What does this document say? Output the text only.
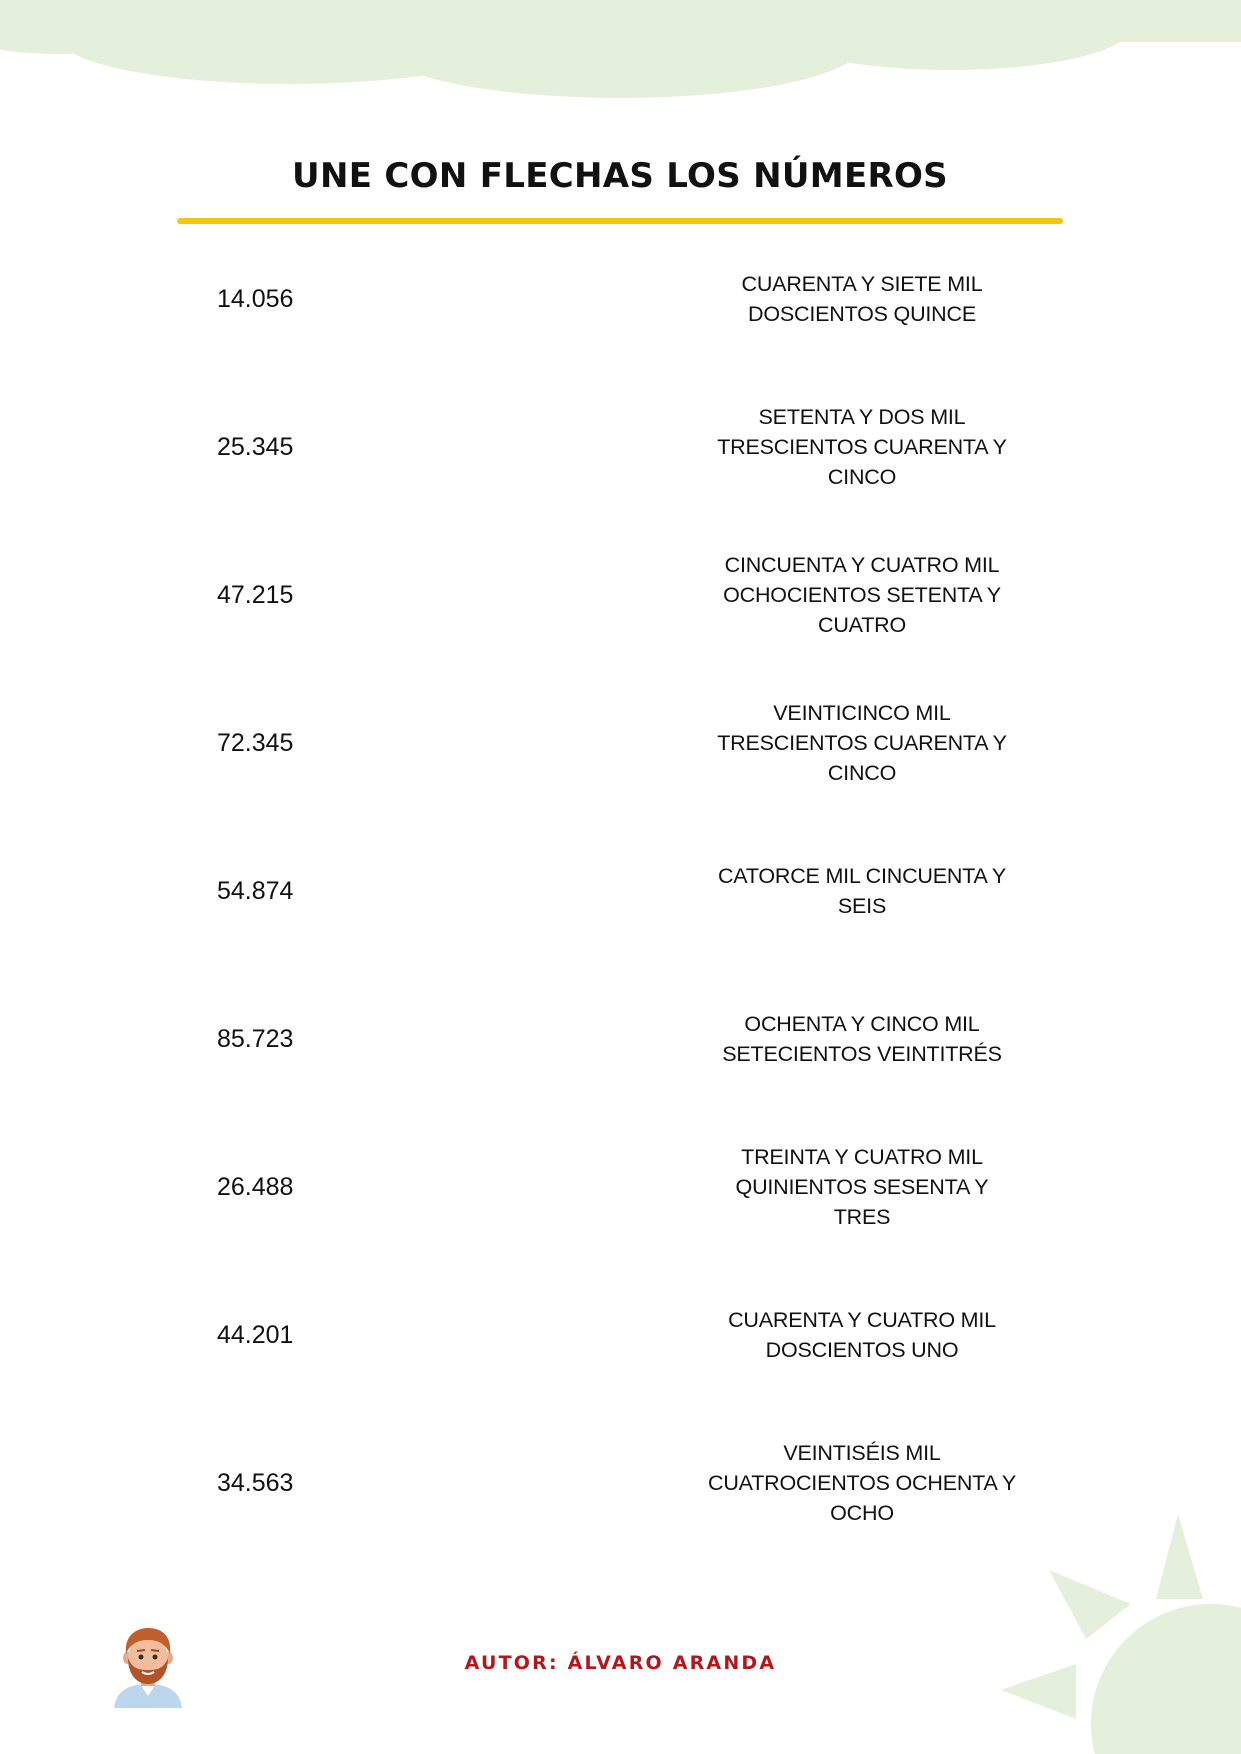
UNE CON FLECHAS LOS NÚMEROS
14.056
CUARENTA Y SIETE MIL DOSCIENTOS QUINCE
25.345
SETENTA Y DOS MIL TRESCIENTOS CUARENTA Y CINCO
47.215
CINCUENTA Y CUATRO MIL OCHOCIENTOS SETENTA Y CUATRO
72.345
VEINTICINCO MIL TRESCIENTOS CUARENTA Y CINCO
54.874
CATORCE MIL CINCUENTA Y SEIS
85.723
OCHENTA Y CINCO MIL SETECIENTOS VEINTITRÉS
26.488
TREINTA Y CUATRO MIL QUINIENTOS SESENTA Y TRES
44.201
CUARENTA Y CUATRO MIL DOSCIENTOS UNO
34.563
VEINTISÉIS MIL CUATROCIENTOS OCHENTA Y OCHO
AUTOR: ÁLVARO ARANDA
